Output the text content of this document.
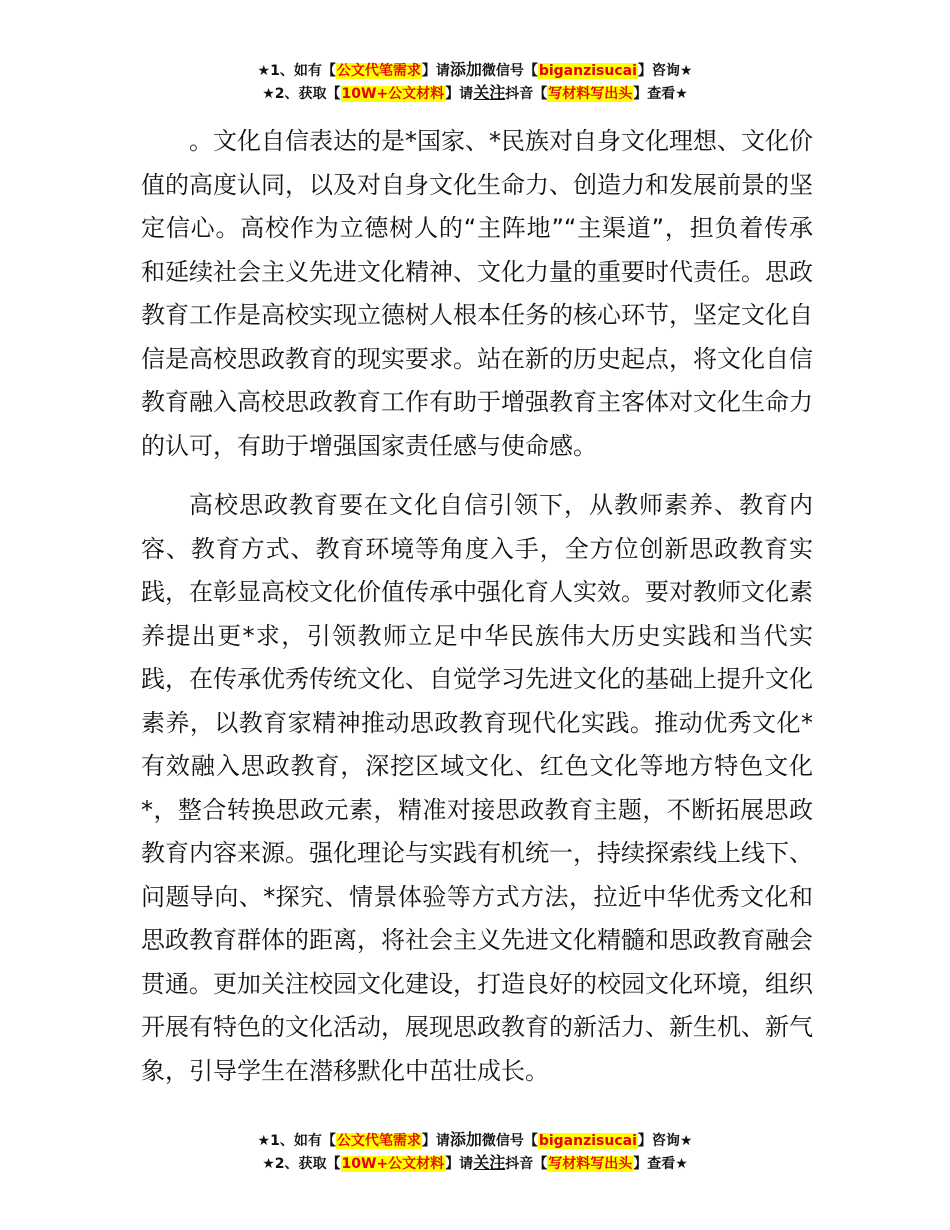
★1、如有【公文代笔需求】请添加微信号【biganzisucai】咨询★
★2、获取【10W+公文材料】请关注抖音【写材料写出头】查看★

。文化自信表达的是*国家、*民族对自身文化理想、文化价值的高度认同，以及对自身文化生命力、创造力和发展前景的坚定信心。高校作为立德树人的“主阵地”“主渠道”，担负着传承和延续社会主义先进文化精神、文化力量的重要时代责任。思政教育工作是高校实现立德树人根本任务的核心环节，坚定文化自信是高校思政教育的现实要求。站在新的历史起点，将文化自信教育融入高校思政教育工作有助于增强教育主客体对文化生命力的认可，有助于增强国家责任感与使命感。

高校思政教育要在文化自信引领下，从教师素养、教育内容、教育方式、教育环境等角度入手，全方位创新思政教育实践，在彰显高校文化价值传承中强化育人实效。要对教师文化素养提出更*求，引领教师立足中华民族伟大历史实践和当代实践，在传承优秀传统文化、自觉学习先进文化的基础上提升文化素养，以教育家精神推动思政教育现代化实践。推动优秀文化*有效融入思政教育，深挖区域文化、红色文化等地方特色文化*，整合转换思政元素，精准对接思政教育主题，不断拓展思政教育内容来源。强化理论与实践有机统一，持续探索线上线下、问题导向、*探究、情景体验等方式方法，拉近中华优秀文化和思政教育群体的距离，将社会主义先进文化精髓和思政教育融会贯通。更加关注校园文化建设，打造良好的校园文化环境，组织开展有特色的文化活动，展现思政教育的新活力、新生机、新气象，引导学生在潜移默化中茁壮成长。

★1、如有【公文代笔需求】请添加微信号【biganzisucai】咨询★
★2、获取【10W+公文材料】请关注抖音【写材料写出头】查看★
